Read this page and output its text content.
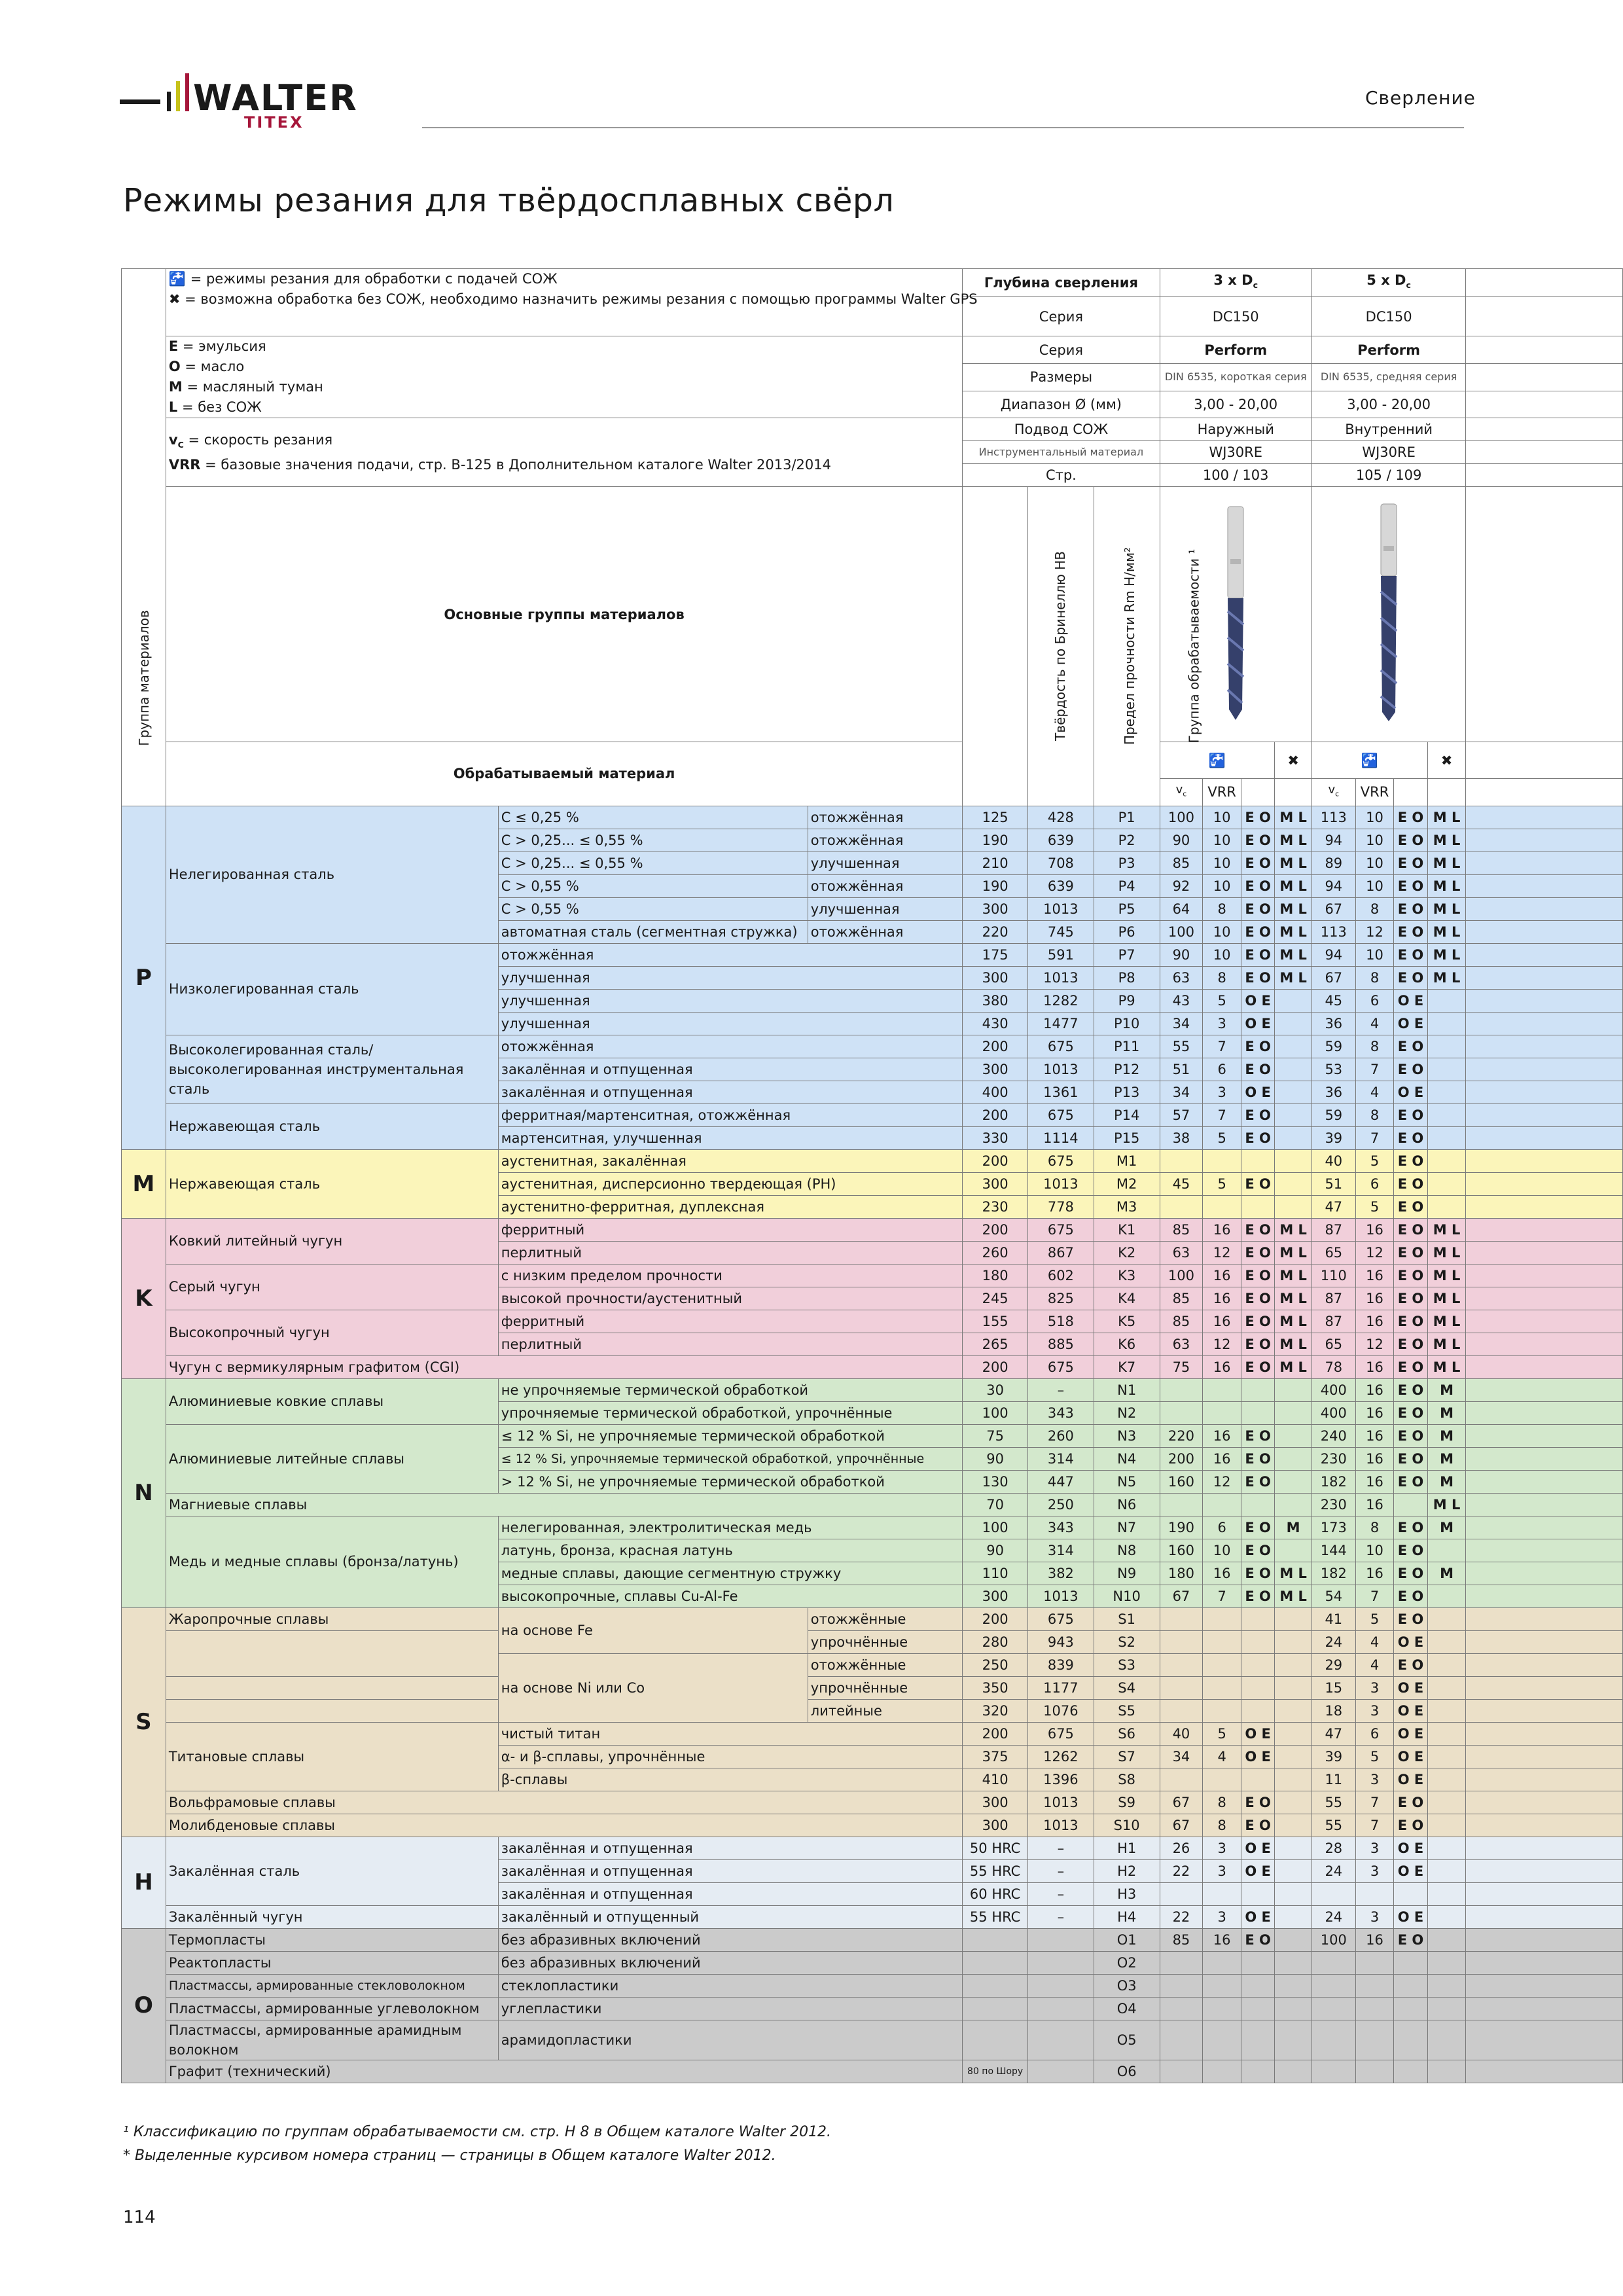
WALTER
TITEX
Сверление
Режимы резания для твёрдосплавных свёрл
Группа материалов	🚰 = режимы резания для обработки с подачей СОЖ
✖ = возможна обработка без СОЖ, необходимо назначить режимы резания с помощью программы Walter GPS			Глубина сверления			3 x $D_c$				5 x $D_c$	
				Серия			DC150				DC150				

	E = эмульсия
O = масло
M = масляный туман
L = без СОЖ			Серия			Perform				Perform				
				Размеры			DIN 6535, короткая серия				DIN 6535, средняя серия				
				Диапазон Ø (мм)			3,00 - 20,00				3,00 - 20,00				

	$v_C$ = скорость резания
VRR = базовые значения подачи, стр. B-125 в Дополнительном каталоге Walter 2013/2014			Подвод СОЖ			Наружный				Внутренний				
				Инструментальный материал			WJ30RE				WJ30RE				
				Стр.			100 / 103				105 / 109				
	Основные группы материалов			Твёрдость по Бринеллю HB	Предел прочности Rm Н/мм²	Группа обрабатываемости ¹			
	Обрабатываемый материал						🚰			✖	🚰			✖	
							$v_c$	VRR			$v_c$	VRR			
P	Нелегированная сталь	C ≤ 0,25 %	отожжённая	125	428	P1	100	10	E O	M L	113	10	E O	M L	
		C > 0,25... ≤ 0,55 %	отожжённая	190	639	P2	90	10	E O	M L	94	10	E O	M L	
		C > 0,25... ≤ 0,55 %	улучшенная	210	708	P3	85	10	E O	M L	89	10	E O	M L	
		C > 0,55 %	отожжённая	190	639	P4	92	10	E O	M L	94	10	E O	M L	
		C > 0,55 %	улучшенная	300	1013	P5	64	8	E O	M L	67	8	E O	M L	
		автоматная сталь (сегментная стружка)	отожжённая	220	745	P6	100	10	E O	M L	113	12	E O	M L	
	Низколегированная сталь	отожжённая		175	591	P7	90	10	E O	M L	94	10	E O	M L	
		улучшенная		300	1013	P8	63	8	E O	M L	67	8	E O	M L	
		улучшенная		380	1282	P9	43	5	O E		45	6	O E		
		улучшенная		430	1477	P10	34	3	O E		36	4	O E		
	Высоколегированная сталь/ высоколегированная инструментальная сталь	отожжённая		200	675	P11	55	7	E O		59	8	E O		
		закалённая и отпущенная		300	1013	P12	51	6	E O		53	7	E O		
		закалённая и отпущенная		400	1361	P13	34	3	O E		36	4	O E		
	Нержавеющая сталь	ферритная/мартенситная, отожжённая		200	675	P14	57	7	E O		59	8	E O		
		мартенситная, улучшенная		330	1114	P15	38	5	E O		39	7	E O		
M	Нержавеющая сталь	аустенитная, закалённая		200	675	M1					40	5	E O		
		аустенитная, дисперсионно твердеющая (PH)		300	1013	M2	45	5	E O		51	6	E O		
		аустенитно-ферритная, дуплексная		230	778	M3					47	5	E O		
K	Ковкий литейный чугун	ферритный		200	675	K1	85	16	E O	M L	87	16	E O	M L	
		перлитный		260	867	K2	63	12	E O	M L	65	12	E O	M L	
	Серый чугун	с низким пределом прочности		180	602	K3	100	16	E O	M L	110	16	E O	M L	
		высокой прочности/аустенитный		245	825	K4	85	16	E O	M L	87	16	E O	M L	
	Высокопрочный чугун	ферритный		155	518	K5	85	16	E O	M L	87	16	E O	M L	
		перлитный		265	885	K6	63	12	E O	M L	65	12	E O	M L	
	Чугун с вермикулярным графитом (CGI)			200	675	K7	75	16	E O	M L	78	16	E O	M L	
N	Алюминиевые ковкие сплавы	не упрочняемые термической обработкой		30	–	N1					400	16	E O	M	
		упрочняемые термической обработкой, упрочнённые		100	343	N2					400	16	E O	M	
	Алюминиевые литейные сплавы	≤ 12 % Si, не упрочняемые термической обработкой		75	260	N3	220	16	E O		240	16	E O	M	
		≤ 12 % Si, упрочняемые термической обработкой, упрочнённые		90	314	N4	200	16	E O		230	16	E O	M	
		> 12 % Si, не упрочняемые термической обработкой		130	447	N5	160	12	E O		182	16	E O	M	
	Магниевые сплавы			70	250	N6					230	16		M L	
	Медь и медные сплавы (бронза/латунь)	нелегированная, электролитическая медь		100	343	N7	190	6	E O	M	173	8	E O	M	
		латунь, бронза, красная латунь		90	314	N8	160	10	E O		144	10	E O		
		медные сплавы, дающие сегментную стружку		110	382	N9	180	16	E O	M L	182	16	E O	M	
		высокопрочные, сплавы Cu-Al-Fe		300	1013	N10	67	7	E O	M L	54	7	E O		
S	Жаропрочные сплавы	на основе Fe	отожжённые	200	675	S1					41	5	E O		
			упрочнённые	280	943	S2					24	4	O E		
		на основе Ni или Co	отожжённые	250	839	S3					29	4	E O		
			упрочнённые	350	1177	S4					15	3	O E		
			литейные	320	1076	S5					18	3	O E		
	Титановые сплавы	чистый титан		200	675	S6	40	5	O E		47	6	O E		
		α- и β-сплавы, упрочнённые		375	1262	S7	34	4	O E		39	5	O E		
		β-сплавы		410	1396	S8					11	3	O E		
	Вольфрамовые сплавы			300	1013	S9	67	8	E O		55	7	E O		
	Молибденовые сплавы			300	1013	S10	67	8	E O		55	7	E O		
H	Закалённая сталь	закалённая и отпущенная		50 HRC	–	H1	26	3	O E		28	3	O E		
		закалённая и отпущенная		55 HRC	–	H2	22	3	O E		24	3	O E		
		закалённая и отпущенная		60 HRC	–	H3									
	Закалённый чугун	закалённый и отпущенный		55 HRC	–	H4	22	3	O E		24	3	O E		
O	Термопласты	без абразивных включений				O1	85	16	E O		100	16	E O		
	Реактопласты	без абразивных включений				O2									
	Пластмассы, армированные стекловолокном	стеклопластики				O3									
	Пластмассы, армированные углеволокном	углепластики				O4									
	Пластмассы, армированные арамидным волокном	арамидопластики				O5									
	Графит (технический)			80 по Шору		O6									
¹ Классификацию по группам обрабатываемости см. стр. H 8 в Общем каталоге Walter 2012.
* Выделенные курсивом номера страниц — страницы в Общем каталоге Walter 2012.
114
